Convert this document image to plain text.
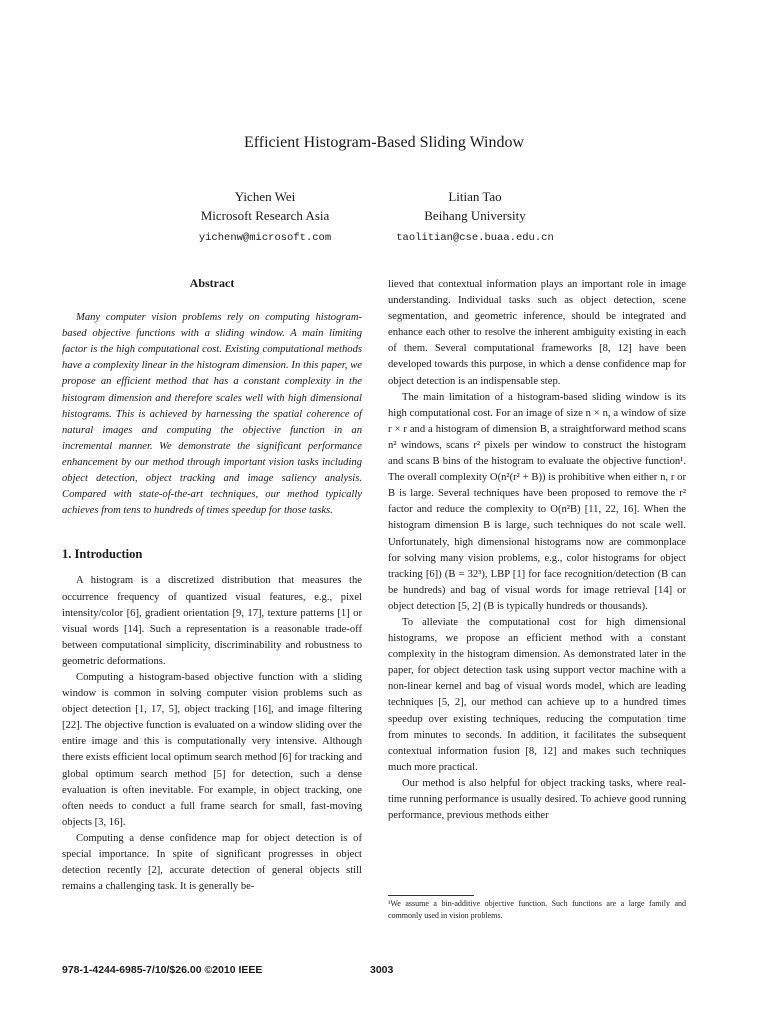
Efficient Histogram-Based Sliding Window
Yichen Wei
Microsoft Research Asia
yichenw@microsoft.com
Litian Tao
Beihang University
taolitian@cse.buaa.edu.cn
Abstract

Many computer vision problems rely on computing histogram-based objective functions with a sliding window. A main limiting factor is the high computational cost. Existing computational methods have a complexity linear in the histogram dimension. In this paper, we propose an efficient method that has a constant complexity in the histogram dimension and therefore scales well with high dimensional histograms. This is achieved by harnessing the spatial coherence of natural images and computing the objective function in an incremental manner. We demonstrate the significant performance enhancement by our method through important vision tasks including object detection, object tracking and image saliency analysis. Compared with state-of-the-art techniques, our method typically achieves from tens to hundreds of times speedup for those tasks.

1. Introduction

A histogram is a discretized distribution that measures the occurrence frequency of quantized visual features, e.g., pixel intensity/color [6], gradient orientation [9, 17], texture patterns [1] or visual words [14]. Such a representation is a reasonable trade-off between computational simplicity, discriminability and robustness to geometric deformations.

Computing a histogram-based objective function with a sliding window is common in solving computer vision problems such as object detection [1, 17, 5], object tracking [16], and image filtering [22]. The objective function is evaluated on a window sliding over the entire image and this is computationally very intensive. Although there exists efficient local optimum search method [6] for tracking and global optimum search method [5] for detection, such a dense evaluation is often inevitable. For example, in object tracking, one often needs to conduct a full frame search for small, fast-moving objects [3, 16].

Computing a dense confidence map for object detection is of special importance. In spite of significant progresses in object detection recently [2], accurate detection of general objects still remains a challenging task. It is generally be-

lieved that contextual information plays an important role in image understanding. Individual tasks such as object detection, scene segmentation, and geometric inference, should be integrated and enhance each other to resolve the inherent ambiguity existing in each of them. Several computational frameworks [8, 12] have been developed towards this purpose, in which a dense confidence map for object detection is an indispensable step.

The main limitation of a histogram-based sliding window is its high computational cost. For an image of size n × n, a window of size r × r and a histogram of dimension B, a straightforward method scans n² windows, scans r² pixels per window to construct the histogram and scans B bins of the histogram to evaluate the objective function¹. The overall complexity O(n²(r² + B)) is prohibitive when either n, r or B is large. Several techniques have been proposed to remove the r² factor and reduce the complexity to O(n²B) [11, 22, 16]. When the histogram dimension B is large, such techniques do not scale well. Unfortunately, high dimensional histograms now are commonplace for solving many vision problems, e.g., color histograms for object tracking [6]) (B = 32³), LBP [1] for face recognition/detection (B can be hundreds) and bag of visual words for image retrieval [14] or object detection [5, 2] (B is typically hundreds or thousands).

To alleviate the computational cost for high dimensional histograms, we propose an efficient method with a constant complexity in the histogram dimension. As demonstrated later in the paper, for object detection task using support vector machine with a non-linear kernel and bag of visual words model, which are leading techniques [5, 2], our method can achieve up to a hundred times speedup over existing techniques, reducing the computation time from minutes to seconds. In addition, it facilitates the subsequent contextual information fusion [8, 12] and makes such techniques much more practical.

Our method is also helpful for object tracking tasks, where real-time running performance is usually desired. To achieve good running performance, previous methods either

¹We assume a bin-additive objective function. Such functions are a large family and commonly used in vision problems.
978-1-4244-6985-7/10/$26.00 ©2010 IEEE	3003
